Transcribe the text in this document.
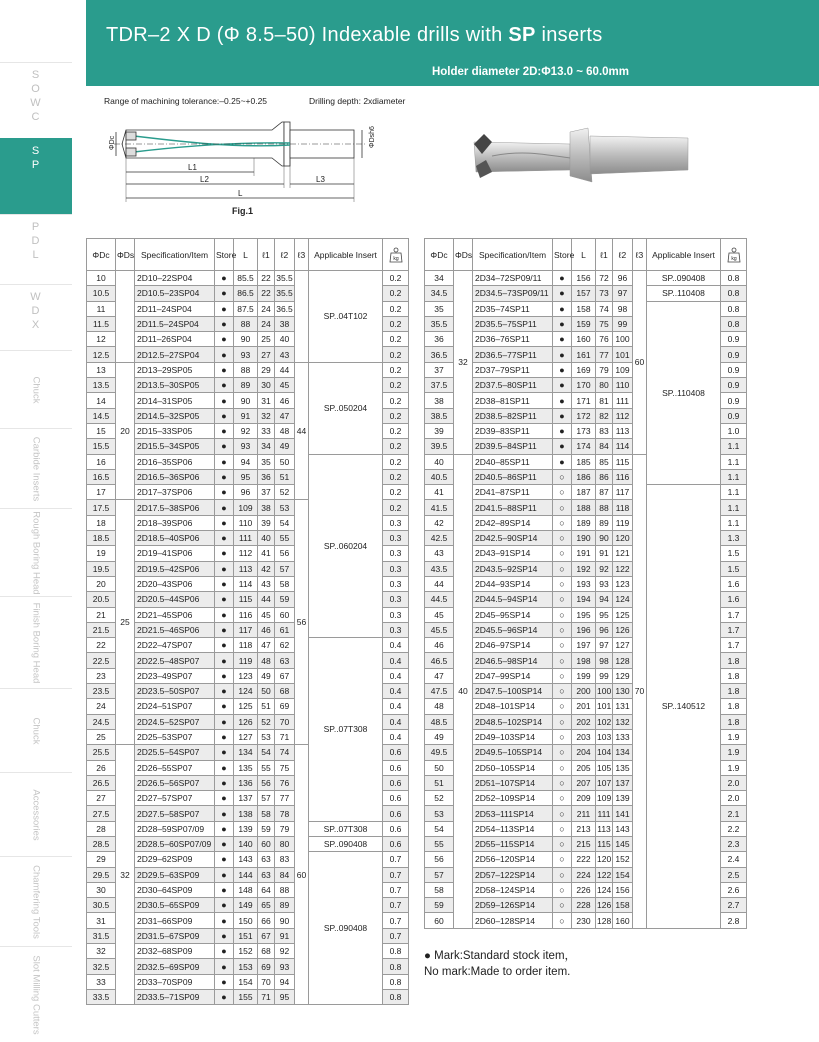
TDR–2 X D (Φ 8.5–50) Indexable drills with SP inserts
Holder diameter 2D:Φ13.0 ~ 60.0mm
S
O
W
C
S
P
P
D
L
W
D
X
Chuck
Carbide Inserts
Rough Boring Head
Finish Boring Head
Chuck
Accessories
Chamfering Tools
Slot Milling Cutters
Range of machining tolerance:–0.25~+0.25	Drilling depth: 2xdiameter
ΦDc	ΦDsh6
L1
L2
L
L3
Fig.1
ΦDc	ΦDs	Specification/Item	Store	L	ℓ1	ℓ2	ℓ3	Applicable Insert	kg

10		2D10–22SP04	●	85.5	22	35.5		SP..04T102	0.2
10.5		2D10.5–23SP04	●	86.5	22	35.5			0.2
11		2D11–24SP04	●	87.5	24	36.5			0.2
11.5		2D11.5–24SP04	●	88	24	38			0.2
12		2D11–26SP04	●	90	25	40			0.2
12.5		2D12.5–27SP04	●	93	27	43			0.2
13	20	2D13–29SP05	●	88	29	44	44	SP..050204	0.2
13.5		2D13.5–30SP05	●	89	30	45			0.2
14		2D14–31SP05	●	90	31	46			0.2
14.5		2D14.5–32SP05	●	91	32	47			0.2
15		2D15–33SP05	●	92	33	48			0.2
15.5		2D15.5–34SP05	●	93	34	49			0.2
16		2D16–35SP06	●	94	35	50		SP..060204	0.2
16.5		2D16.5–36SP06	●	95	36	51			0.2
17		2D17–37SP06	●	96	37	52			0.2
17.5	25	2D17.5–38SP06	●	109	38	53	56		0.2
18		2D18–39SP06	●	110	39	54			0.3
18.5		2D18.5–40SP06	●	111	40	55			0.3
19		2D19–41SP06	●	112	41	56			0.3
19.5		2D19.5–42SP06	●	113	42	57			0.3
20		2D20–43SP06	●	114	43	58			0.3
20.5		2D20.5–44SP06	●	115	44	59			0.3
21		2D21–45SP06	●	116	45	60			0.3
21.5		2D21.5–46SP06	●	117	46	61			0.3
22		2D22–47SP07	●	118	47	62		SP..07T308	0.4
22.5		2D22.5–48SP07	●	119	48	63			0.4
23		2D23–49SP07	●	123	49	67			0.4
23.5		2D23.5–50SP07	●	124	50	68			0.4
24		2D24–51SP07	●	125	51	69			0.4
24.5		2D24.5–52SP07	●	126	52	70			0.4
25		2D25–53SP07	●	127	53	71			0.4
25.5	32	2D25.5–54SP07	●	134	54	74	60		0.6
26		2D26–55SP07	●	135	55	75			0.6
26.5		2D26.5–56SP07	●	136	56	76			0.6
27		2D27–57SP07	●	137	57	77			0.6
27.5		2D27.5–58SP07	●	138	58	78			0.6
28		2D28–59SP07/09	●	139	59	79		SP..07T308	0.6
28.5		2D28.5–60SP07/09	●	140	60	80		SP..090408	0.6
29		2D29–62SP09	●	143	63	83		SP..090408	0.7
29.5		2D29.5–63SP09	●	144	63	84			0.7
30		2D30–64SP09	●	148	64	88			0.7
30.5		2D30.5–65SP09	●	149	65	89			0.7
31		2D31–66SP09	●	150	66	90			0.7
31.5		2D31.5–67SP09	●	151	67	91			0.7
32		2D32–68SP09	●	152	68	92			0.8
32.5		2D32.5–69SP09	●	153	69	93			0.8
33		2D33–70SP09	●	154	70	94			0.8
33.5		2D33.5–71SP09	●	155	71	95			0.8
ΦDc	ΦDs	Specification/Item	Store	L	ℓ1	ℓ2	ℓ3	Applicable Insert	kg

34	32	2D34–72SP09/11	●	156	72	96	60	SP..090408	0.8
34.5		2D34.5–73SP09/11	●	157	73	97		SP..110408	0.8
35		2D35–74SP11	●	158	74	98		SP..110408	0.8
35.5		2D35.5–75SP11	●	159	75	99			0.8
36		2D36–76SP11	●	160	76	100			0.9
36.5		2D36.5–77SP11	●	161	77	101			0.9
37		2D37–79SP11	●	169	79	109			0.9
37.5		2D37.5–80SP11	●	170	80	110			0.9
38		2D38–81SP11	●	171	81	111			0.9
38.5		2D38.5–82SP11	●	172	82	112			0.9
39		2D39–83SP11	●	173	83	113			1.0
39.5		2D39.5–84SP11	●	174	84	114			1.1
40	40	2D40–85SP11	●	185	85	115	70		1.1
40.5		2D40.5–86SP11	○	186	86	116			1.1
41		2D41–87SP11	○	187	87	117		SP..140512	1.1
41.5		2D41.5–88SP11	○	188	88	118			1.1
42		2D42–89SP14	○	189	89	119			1.1
42.5		2D42.5–90SP14	○	190	90	120			1.3
43		2D43–91SP14	○	191	91	121			1.5
43.5		2D43.5–92SP14	○	192	92	122			1.5
44		2D44–93SP14	○	193	93	123			1.6
44.5		2D44.5–94SP14	○	194	94	124			1.6
45		2D45–95SP14	○	195	95	125			1.7
45.5		2D45.5–96SP14	○	196	96	126			1.7
46		2D46–97SP14	○	197	97	127			1.7
46.5		2D46.5–98SP14	○	198	98	128			1.8
47		2D47–99SP14	○	199	99	129			1.8
47.5		2D47.5–100SP14	○	200	100	130			1.8
48		2D48–101SP14	○	201	101	131			1.8
48.5		2D48.5–102SP14	○	202	102	132			1.8
49		2D49–103SP14	○	203	103	133			1.9
49.5		2D49.5–105SP14	○	204	104	134			1.9
50		2D50–105SP14	○	205	105	135			1.9
51		2D51–107SP14	○	207	107	137			2.0
52		2D52–109SP14	○	209	109	139			2.0
53		2D53–111SP14	○	211	111	141			2.1
54		2D54–113SP14	○	213	113	143			2.2
55		2D55–115SP14	○	215	115	145			2.3
56		2D56–120SP14	○	222	120	152			2.4
57		2D57–122SP14	○	224	122	154			2.5
58		2D58–124SP14	○	226	124	156			2.6
59		2D59–126SP14	○	228	126	158			2.7
60		2D60–128SP14	○	230	128	160			2.8
● Mark:Standard stock item，
No mark:Made to order item.
